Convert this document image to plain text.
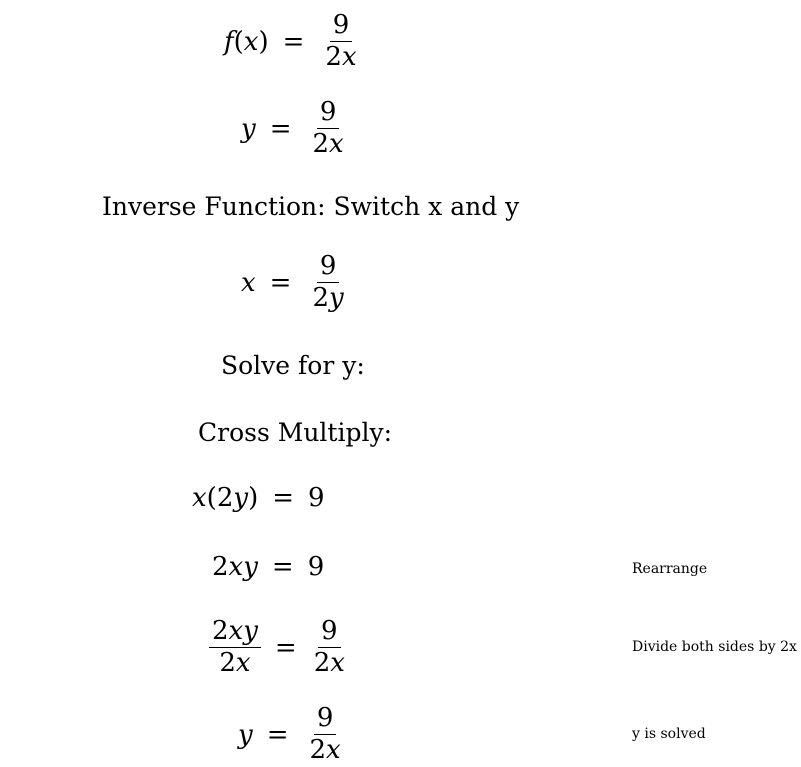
f ( x ) = $\frac{9}{2x}$
$y = \frac{9}{2x}$
Inverse Function: Switch x and y
$x = \frac{9}{2y}$
Solve for y:
Cross Multiply:
x ( 2 y ) = 9
2 x y = 9	Rearrange
$\frac{2xy}{2x} = \frac{9}{2x}$	Divide both sides by 2x
$y = \frac{9}{2x}$	y is solved
